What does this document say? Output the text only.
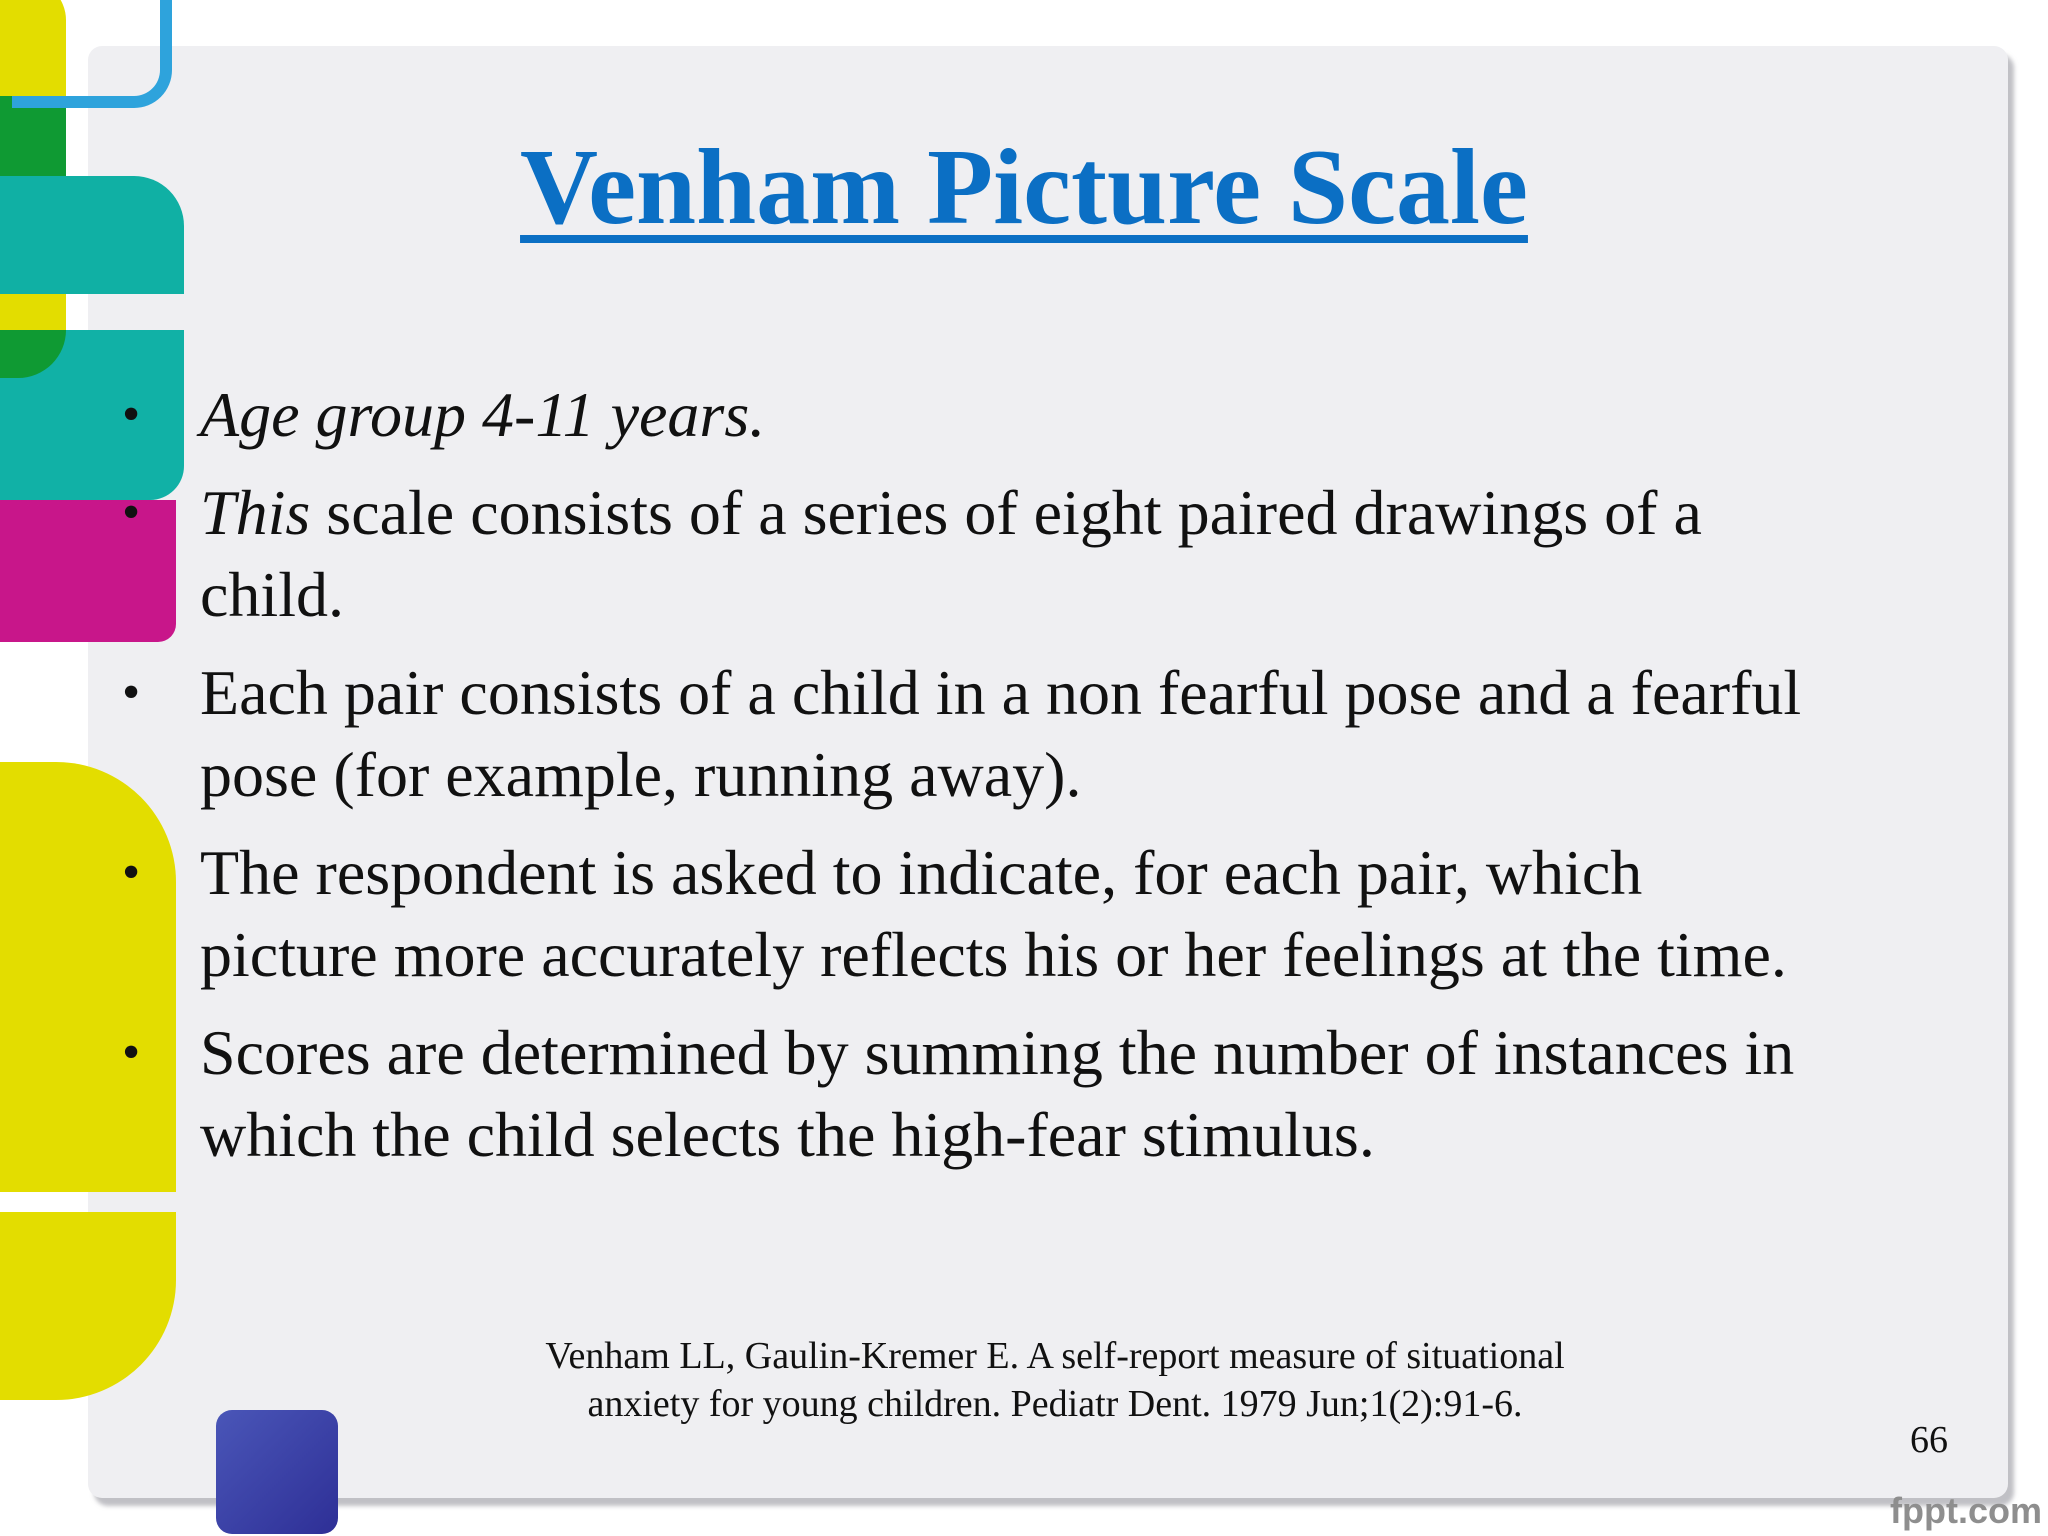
Venham Picture Scale
• Age group 4-11 years.
• This scale consists of a series of eight paired drawings of a
child.
• Each pair consists of a child in a non fearful pose and a fearful
pose (for example, running away).
• The respondent is asked to indicate, for each pair, which
picture more accurately reflects his or her feelings at the time.
• Scores are determined by summing the number of instances in
which the child selects the high-fear stimulus.

Venham LL, Gaulin-Kremer E. A self-report measure of situational
anxiety for young children. Pediatr Dent. 1979 Jun;1(2):91-6.

66
fppt.com
